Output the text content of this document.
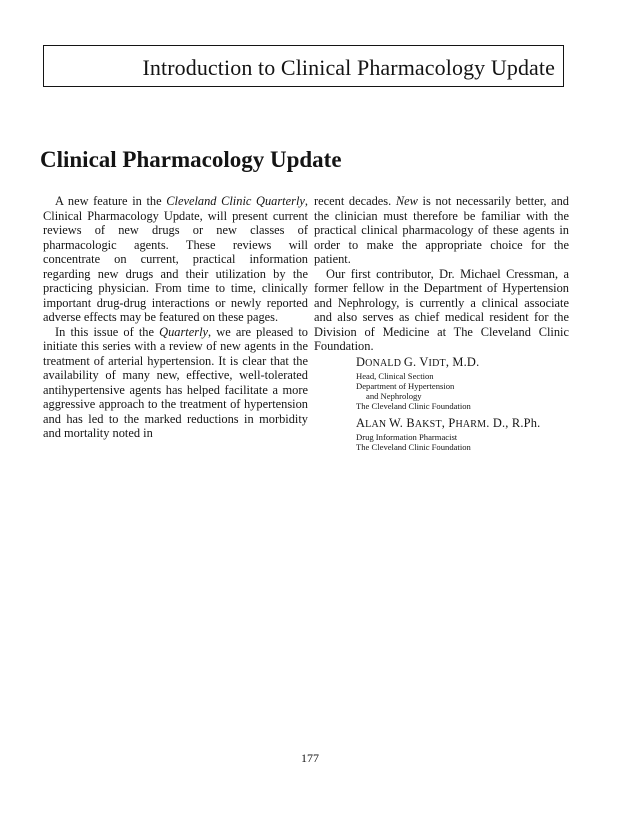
Introduction to Clinical Pharmacology Update
Clinical Pharmacology Update

A new feature in the Cleveland Clinic Quarterly, Clinical Pharmacology Update, will present current reviews of new drugs or new classes of pharmacologic agents. These reviews will concentrate on current, practical information regarding new drugs and their utilization by the practicing physician. From time to time, clinically important drug-drug interactions or newly reported adverse effects may be featured on these pages.

In this issue of the Quarterly, we are pleased to initiate this series with a review of new agents in the treatment of arterial hypertension. It is clear that the availability of many new, effective, well-tolerated antihypertensive agents has helped facilitate a more aggressive approach to the treatment of hypertension and has led to the marked reductions in morbidity and mortality noted in

recent decades. New is not necessarily better, and the clinician must therefore be familiar with the practical clinical pharmacology of these agents in order to make the appropriate choice for the patient.

Our first contributor, Dr. Michael Cressman, a former fellow in the Department of Hypertension and Nephrology, is currently a clinical associate and also serves as chief medical resident for the Division of Medicine at The Cleveland Clinic Foundation.

DONALD G. VIDT, M.D.
Head, Clinical Section
Department of Hypertension
and Nephrology
The Cleveland Clinic Foundation
ALAN W. BAKST, PHARM. D., R.Ph.
Drug Information Pharmacist
The Cleveland Clinic Foundation
177
